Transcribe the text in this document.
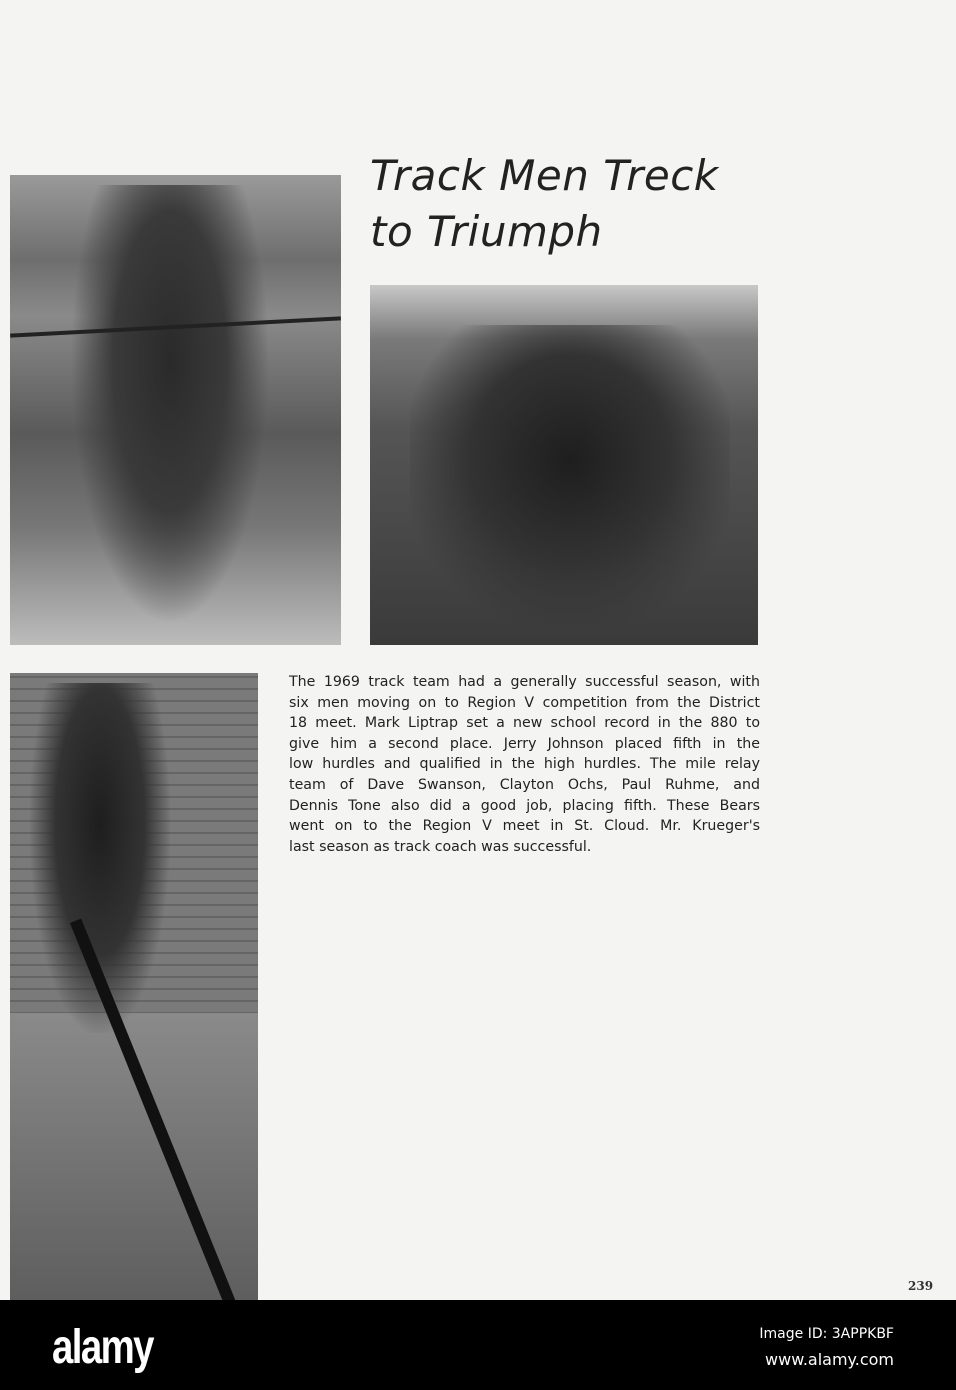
Track Men Treck
to Triumph
The 1969 track team had a generally successful season, with
six men moving on to Region V competition from the District
18 meet. Mark Liptrap set a new school record in the 880 to
give him a second place. Jerry Johnson placed fifth in the
low hurdles and qualified in the high hurdles. The mile relay
team of Dave Swanson, Clayton Ochs, Paul Ruhme, and
Dennis Tone also did a good job, placing fifth. These Bears
went on to the Region V meet in St. Cloud. Mr. Krueger's
last season as track coach was successful.
239
alamy	Image ID: 3APPKBF
www.alamy.com
